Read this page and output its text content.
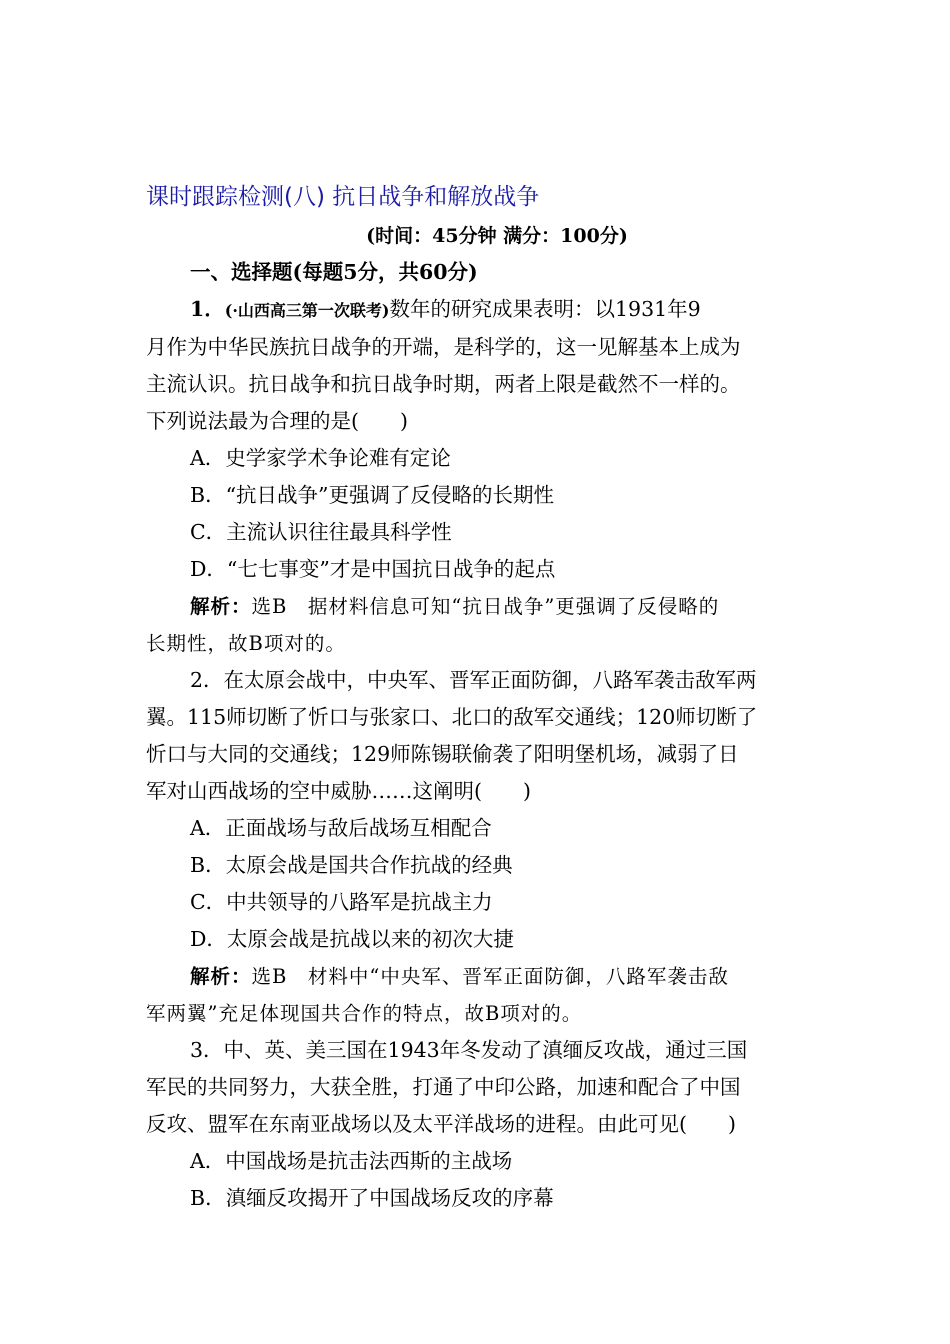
课时跟踪检测(八) 抗日战争和解放战争
(时间：45分钟 满分：100分)
一、选择题(每题5分，共60分)
1．(·山西高三第一次联考)数年的研究成果表明：以1931年9
月作为中华民族抗日战争的开端，是科学的，这一见解基本上成为
主流认识。抗日战争和抗日战争时期，两者上限是截然不一样的。
下列说法最为合理的是(　　)
A．史学家学术争论难有定论
B．“抗日战争”更强调了反侵略的长期性
C．主流认识往往最具科学性
D．“七七事变”才是中国抗日战争的起点
解析：选B　据材料信息可知“抗日战争”更强调了反侵略的
长期性，故B项对的。
2．在太原会战中，中央军、晋军正面防御，八路军袭击敌军两
翼。115师切断了忻口与张家口、北口的敌军交通线；120师切断了
忻口与大同的交通线；129师陈锡联偷袭了阳明堡机场，减弱了日
军对山西战场的空中威胁……这阐明(　　)
A．正面战场与敌后战场互相配合
B．太原会战是国共合作抗战的经典
C．中共领导的八路军是抗战主力
D．太原会战是抗战以来的初次大捷
解析：选B　材料中“中央军、晋军正面防御，八路军袭击敌
军两翼”充足体现国共合作的特点，故B项对的。
3．中、英、美三国在1943年冬发动了滇缅反攻战，通过三国
军民的共同努力，大获全胜，打通了中印公路，加速和配合了中国
反攻、盟军在东南亚战场以及太平洋战场的进程。由此可见(　　)
A．中国战场是抗击法西斯的主战场
B．滇缅反攻揭开了中国战场反攻的序幕
